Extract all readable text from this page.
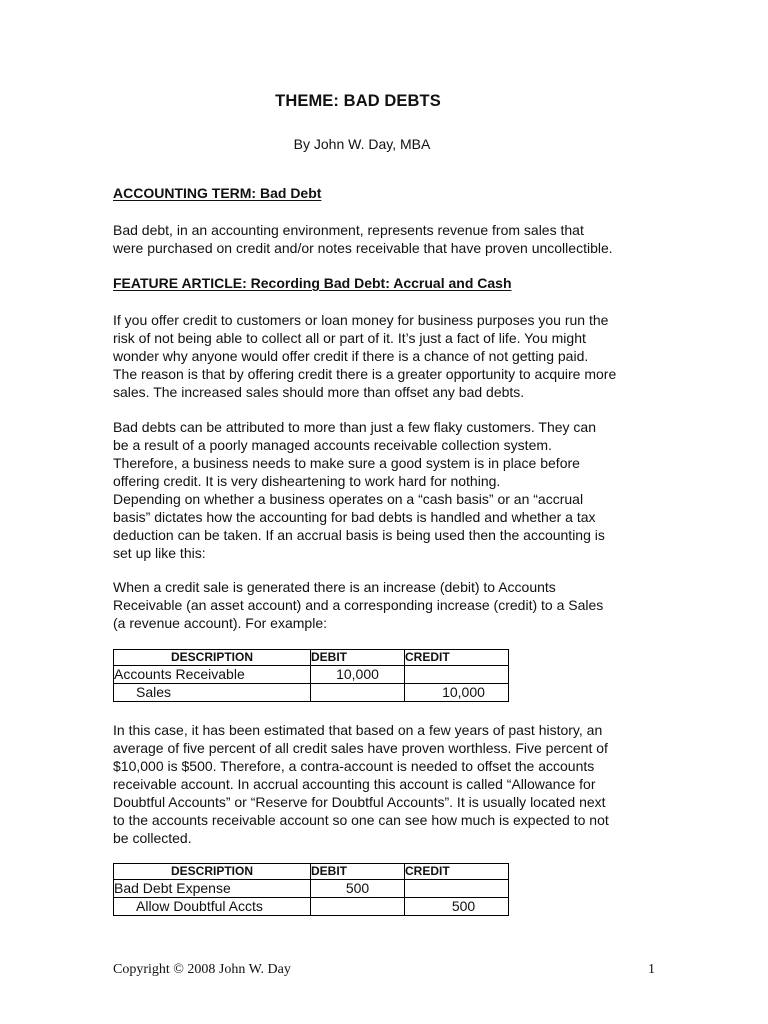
THEME: BAD DEBTS
By John W. Day, MBA
ACCOUNTING TERM: Bad Debt
Bad debt, in an accounting environment, represents revenue from sales that
were purchased on credit and/or notes receivable that have proven uncollectible.
FEATURE ARTICLE: Recording Bad Debt: Accrual and Cash
If you offer credit to customers or loan money for business purposes you run the
risk of not being able to collect all or part of it. It’s just a fact of life. You might
wonder why anyone would offer credit if there is a chance of not getting paid.
The reason is that by offering credit there is a greater opportunity to acquire more
sales. The increased sales should more than offset any bad debts.
Bad debts can be attributed to more than just a few flaky customers. They can
be a result of a poorly managed accounts receivable collection system.
Therefore, a business needs to make sure a good system is in place before
offering credit. It is very disheartening to work hard for nothing.
Depending on whether a business operates on a “cash basis” or an “accrual
basis” dictates how the accounting for bad debts is handled and whether a tax
deduction can be taken. If an accrual basis is being used then the accounting is
set up like this:
When a credit sale is generated there is an increase (debit) to Accounts
Receivable (an asset account) and a corresponding increase (credit) to a Sales
(a revenue account). For example:
DESCRIPTION	DEBIT	CREDIT
Accounts Receivable	10,000	
Sales		10,000
In this case, it has been estimated that based on a few years of past history, an
average of five percent of all credit sales have proven worthless. Five percent of
$10,000 is $500. Therefore, a contra-account is needed to offset the accounts
receivable account. In accrual accounting this account is called “Allowance for
Doubtful Accounts” or “Reserve for Doubtful Accounts”. It is usually located next
to the accounts receivable account so one can see how much is expected to not
be collected.
DESCRIPTION	DEBIT	CREDIT
Bad Debt Expense	500	
Allow Doubtful Accts		500
Copyright © 2008 John W. Day	1
